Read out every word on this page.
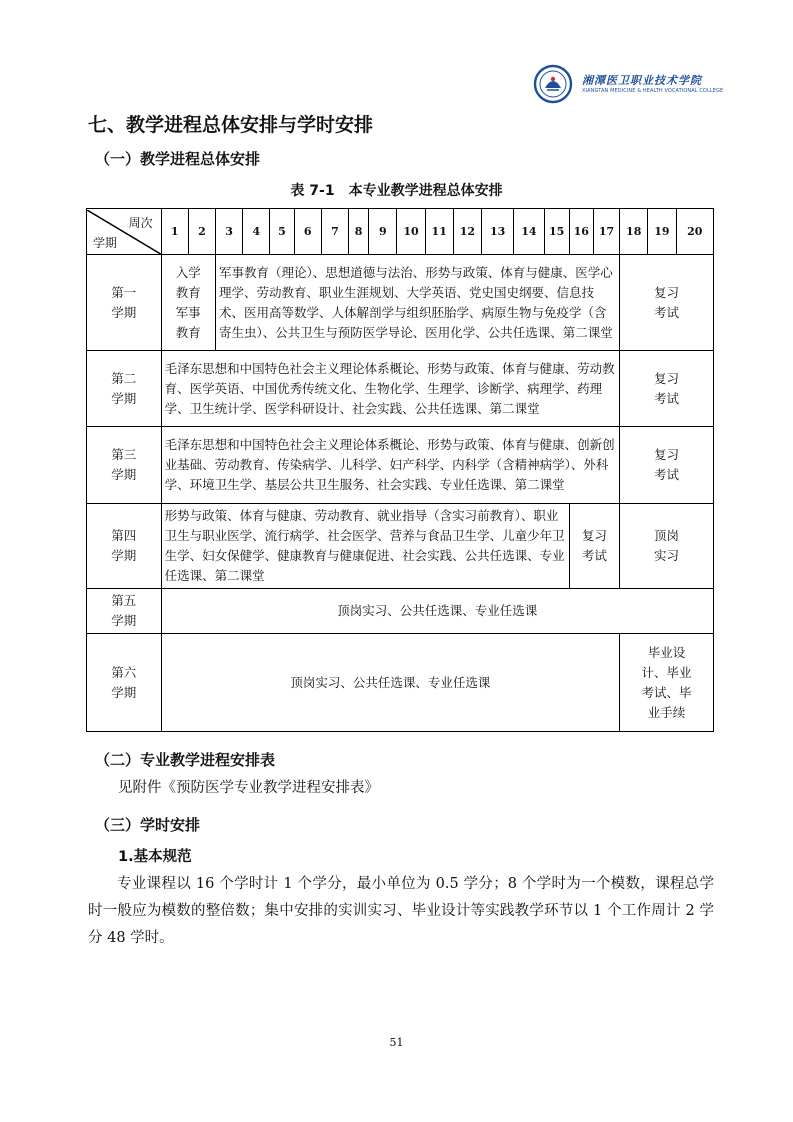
湘潭医卫职业技术学院
XIANGTAN MEDICINE & HEALTH VOCATIONAL COLLEGE
七、教学进程总体安排与学时安排
（一）教学进程总体安排
表 7-1　本专业教学进程总体安排
周次
学期	1	2	3	4	5	6	7	8	9	10	11	12	13	14	15	16	17	18	19	20

第一学期	入学教育军事教育		军事教育（理论）、思想道德与法治、形势与政策、体育与健康、医学心理学、劳动教育、职业生涯规划、大学英语、党史国史纲要、信息技术、医用高等数学、人体解剖学与组织胚胎学、病原生物与免疫学（含寄生虫）、公共卫生与预防医学导论、医用化学、公共任选课、第二课堂															复习考试		

第二学期	毛泽东思想和中国特色社会主义理论体系概论、形势与政策、体育与健康、劳动教育、医学英语、中国优秀传统文化、生物化学、生理学、诊断学、病理学、药理学、卫生统计学、医学科研设计、社会实践、公共任选课、第二课堂																	复习考试		

第三学期	毛泽东思想和中国特色社会主义理论体系概论、形势与政策、体育与健康、创新创业基础、劳动教育、传染病学、儿科学、妇产科学、内科学（含精神病学）、外科学、环境卫生学、基层公共卫生服务、社会实践、专业任选课、第二课堂																	复习考试		

第四学期	形势与政策、体育与健康、劳动教育、就业指导（含实习前教育）、职业卫生与职业医学、流行病学、社会医学、营养与食品卫生学、儿童少年卫生学、妇女保健学、健康教育与健康促进、社会实践、公共任选课、专业任选课、第二课堂															复习考试		顶岗实习		

第五学期	顶岗实习、公共任选课、专业任选课																			

第六学期	顶岗实习、公共任选课、专业任选课																	毕业设计、毕业考试、毕业手续		
（二）专业教学进程安排表
见附件《预防医学专业教学进程安排表》
（三）学时安排
1.基本规范
专业课程以 16 个学时计 1 个学分，最小单位为 0.5 学分；8 个学时为一个模数，课程总学时一般应为模数的整倍数；集中安排的实训实习、毕业设计等实践教学环节以 1 个工作周计 2 学分 48 学时。
51
